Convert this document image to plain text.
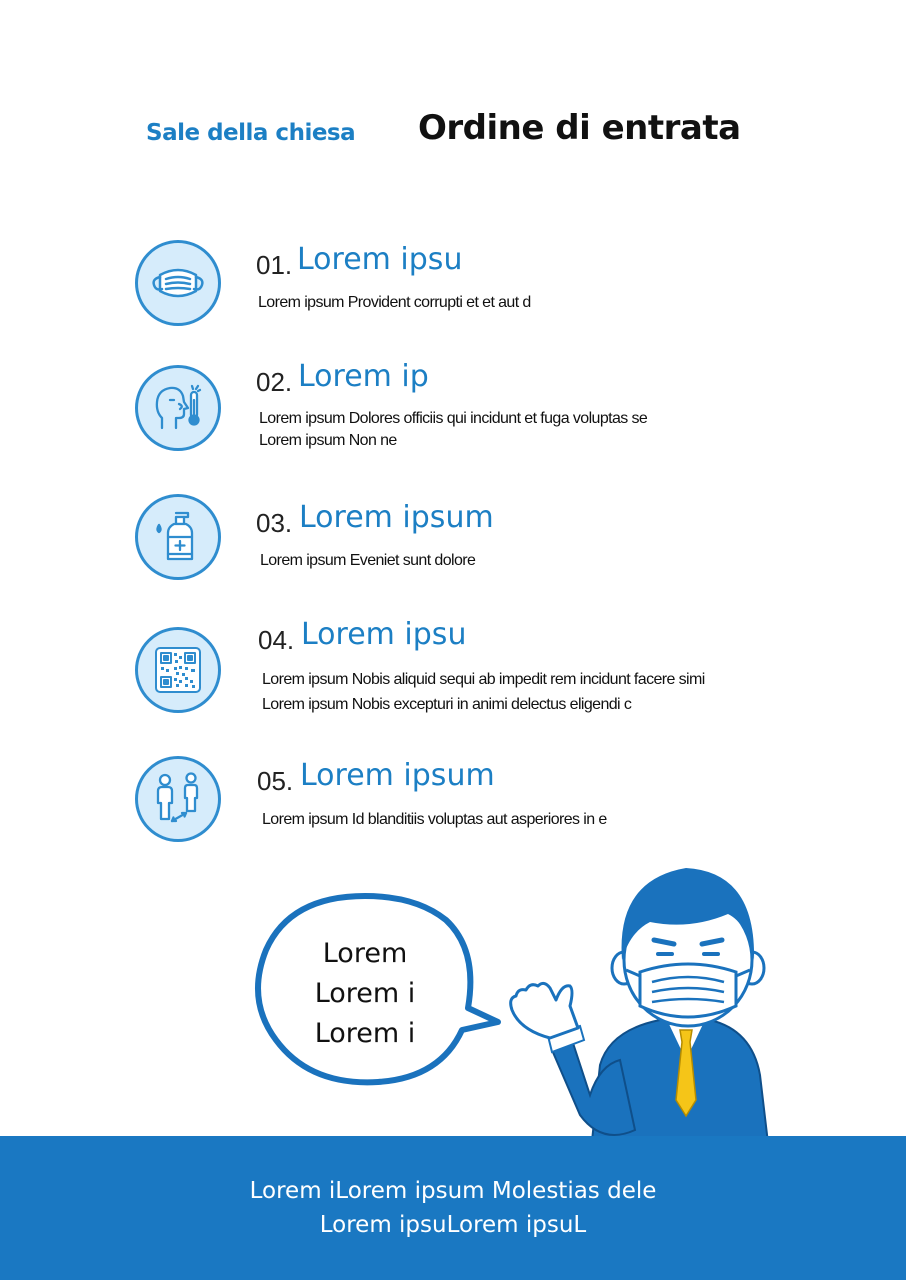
Sale della chiesa Ordine di entrata
01. Lorem ipsu
Lorem ipsum Provident corrupti et et aut d
02. Lorem ip
Lorem ipsum Dolores officiis qui incidunt et fuga voluptas se
Lorem ipsum Non ne
03. Lorem ipsum
Lorem ipsum Eveniet sunt dolore
04. Lorem ipsu
Lorem ipsum Nobis aliquid sequi ab impedit rem incidunt facere simi
Lorem ipsum Nobis excepturi in animi delectus eligendi c
05. Lorem ipsum
Lorem ipsum Id blanditiis voluptas aut asperiores in e
Lorem
Lorem i
Lorem i
Lorem iLorem ipsum Molestias dele
Lorem ipsuLorem ipsuL
